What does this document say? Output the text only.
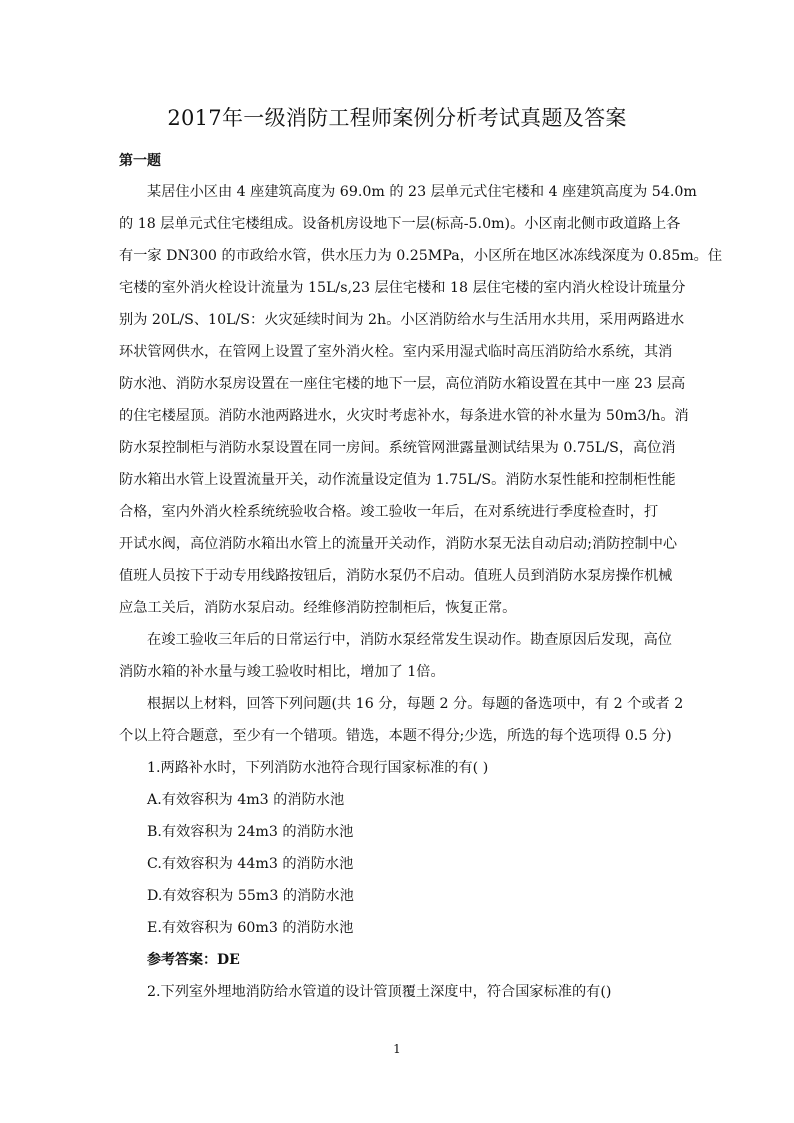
2017年一级消防工程师案例分析考试真题及答案
第一题
某居住小区由 4 座建筑高度为 69.0m 的 23 层单元式住宅楼和 4 座建筑高度为 54.0m
的 18 层单元式住宅楼组成。设备机房设地下一层(标高-5.0m)。小区南北侧市政道路上各
有一家 DN300 的市政给水管，供水压力为 0.25MPa，小区所在地区冰冻线深度为 0.85m。住
宅楼的室外消火栓设计流量为 15L/s,23 层住宅楼和 18 层住宅楼的室内消火栓设计琉量分
别为 20L/S、10L/S：火灾延续时间为 2h。小区消防给水与生活用水共用，采用两路进水
环状管网供水，在管网上设置了室外消火栓。室内采用湿式临时高压消防给水系统，其消
防水池、消防水泵房设置在一座住宅楼的地下一层，高位消防水箱设置在其中一座 23 层高
的住宅楼屋顶。消防水池两路进水，火灾时考虑补水，每条进水管的补水量为 50m3/h。消
防水泵控制柜与消防水泵设置在同一房间。系统管网泄露量测试结果为 0.75L/S，高位消
防水箱出水管上设置流量开关，动作流量设定值为 1.75L/S。消防水泵性能和控制柜性能
合格，室内外消火栓系统统验收合格。竣工验收一年后，在对系统进行季度检查时，打
开试水阀，高位消防水箱出水管上的流量开关动作，消防水泵无法自动启动;消防控制中心
值班人员按下于动专用线路按钮后，消防水泵仍不启动。值班人员到消防水泵房操作机械
应急工关后，消防水泵启动。经维修消防控制柜后，恢复正常。
在竣工验收三年后的日常运行中，消防水泵经常发生误动作。勘查原因后发现，高位
消防水箱的补水量与竣工验收时相比，增加了 1倍。
根据以上材料，回答下列问题(共 16 分，每题 2 分。每题的备选项中，有 2 个或者 2
个以上符合题意，至少有一个错项。错选，本题不得分;少选，所选的每个选项得 0.5 分)
1.两路补水时，下列消防水池符合现行国家标准的有( )
A.有效容积为 4m3 的消防水池
B.有效容积为 24m3 的消防水池
C.有效容积为 44m3 的消防水池
D.有效容积为 55m3 的消防水池
E.有效容积为 60m3 的消防水池
参考答案：DE
2.下列室外埋地消防给水管道的设计管顶覆土深度中，符合国家标准的有()
1
